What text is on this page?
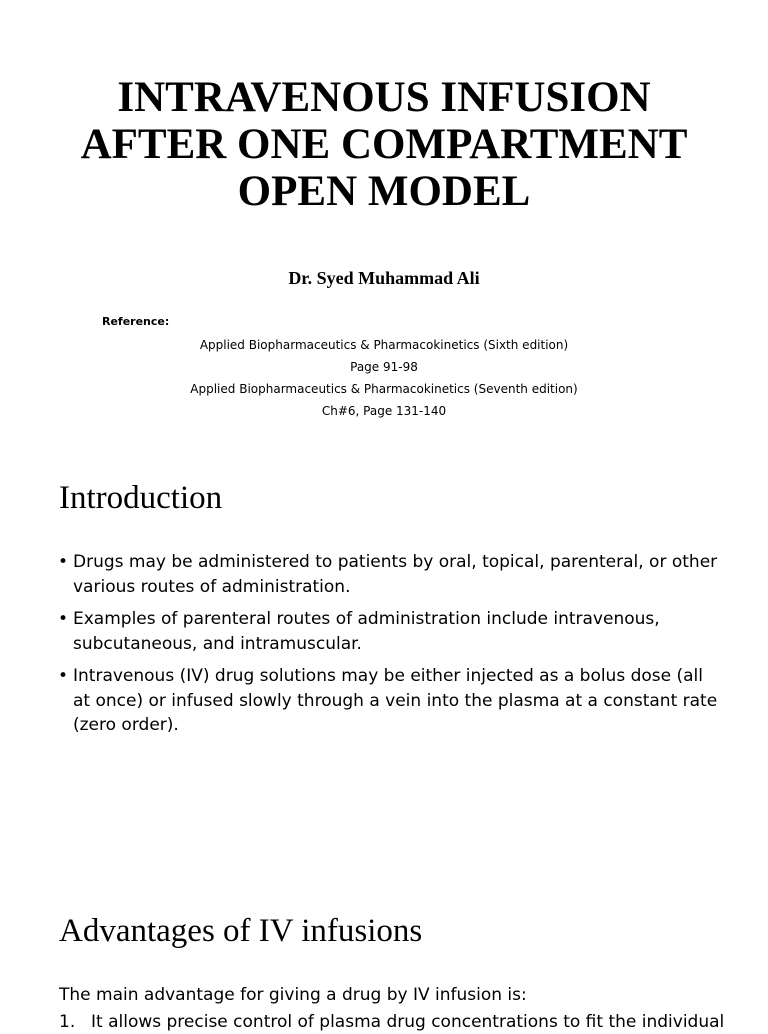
INTRAVENOUS INFUSION
AFTER ONE COMPARTMENT
OPEN MODEL

Dr. Syed Muhammad Ali

Reference:

Applied Biopharmaceutics & Pharmacokinetics (Sixth edition)
Page 91-98
Applied Biopharmaceutics & Pharmacokinetics (Seventh edition)
Ch#6, Page 131-140
Introduction
• Drugs may be administered to patients by oral, topical, parenteral, or other various routes of administration.
• Examples of parenteral routes of administration include intravenous, subcutaneous, and intramuscular.
• Intravenous (IV) drug solutions may be either injected as a bolus dose (all at once) or infused slowly through a vein into the plasma at a constant rate (zero order).
Advantages of IV infusions

The main advantage for giving a drug by IV infusion is:

1. It allows precise control of plasma drug concentrations to fit the individual
